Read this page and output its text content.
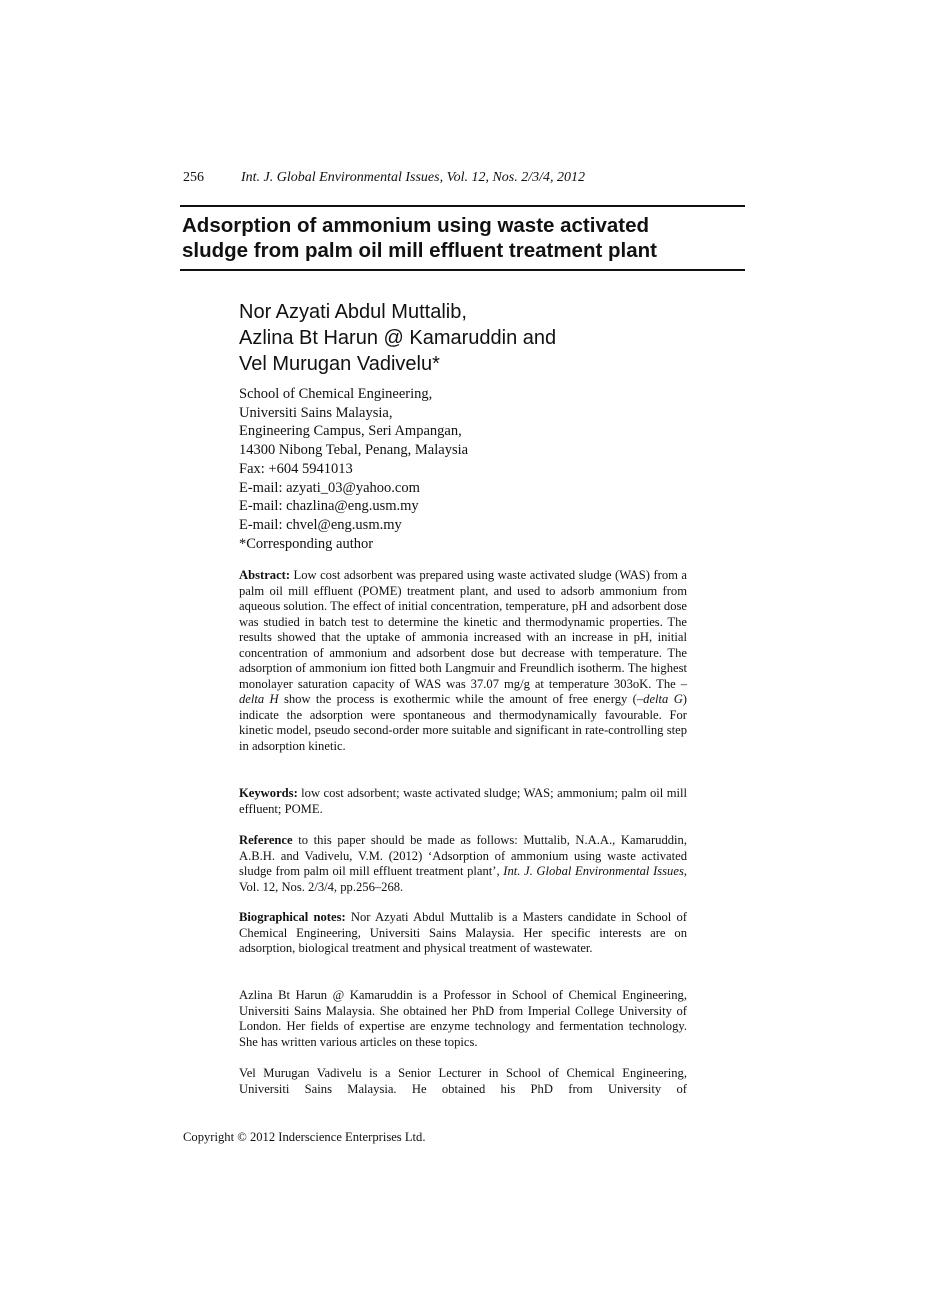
256	Int. J. Global Environmental Issues, Vol. 12, Nos. 2/3/4, 2012
Adsorption of ammonium using waste activated
sludge from palm oil mill effluent treatment plant
Nor Azyati Abdul Muttalib,
Azlina Bt Harun @ Kamaruddin and
Vel Murugan Vadivelu*
School of Chemical Engineering,
Universiti Sains Malaysia,
Engineering Campus, Seri Ampangan,
14300 Nibong Tebal, Penang, Malaysia
Fax: +604 5941013
E-mail: azyati_03@yahoo.com
E-mail: chazlina@eng.usm.my
E-mail: chvel@eng.usm.my
*Corresponding author

Abstract: Low cost adsorbent was prepared using waste activated sludge (WAS) from a palm oil mill effluent (POME) treatment plant, and used to adsorb ammonium from aqueous solution. The effect of initial concentration, temperature, pH and adsorbent dose was studied in batch test to determine the kinetic and thermodynamic properties. The results showed that the uptake of ammonia increased with an increase in pH, initial concentration of ammonium and adsorbent dose but decrease with temperature. The adsorption of ammonium ion fitted both Langmuir and Freundlich isotherm. The highest monolayer saturation capacity of WAS was 37.07 mg/g at temperature 303oK. The –delta H show the process is exothermic while the amount of free energy (–delta G) indicate the adsorption were spontaneous and thermodynamically favourable. For kinetic model, pseudo second-order more suitable and significant in rate-controlling step in adsorption kinetic.

Keywords: low cost adsorbent; waste activated sludge; WAS; ammonium; palm oil mill effluent; POME.

Reference to this paper should be made as follows: Muttalib, N.A.A., Kamaruddin, A.B.H. and Vadivelu, V.M. (2012) ‘Adsorption of ammonium using waste activated sludge from palm oil mill effluent treatment plant’, Int. J. Global Environmental Issues, Vol. 12, Nos. 2/3/4, pp.256–268.

Biographical notes: Nor Azyati Abdul Muttalib is a Masters candidate in School of Chemical Engineering, Universiti Sains Malaysia. Her specific interests are on adsorption, biological treatment and physical treatment of wastewater.

Azlina Bt Harun @ Kamaruddin is a Professor in School of Chemical Engineering, Universiti Sains Malaysia. She obtained her PhD from Imperial College University of London. Her fields of expertise are enzyme technology and fermentation technology. She has written various articles on these topics.

Vel Murugan Vadivelu is a Senior Lecturer in School of Chemical Engineering, Universiti Sains Malaysia. He obtained his PhD from University of

Copyright © 2012 Inderscience Enterprises Ltd.
